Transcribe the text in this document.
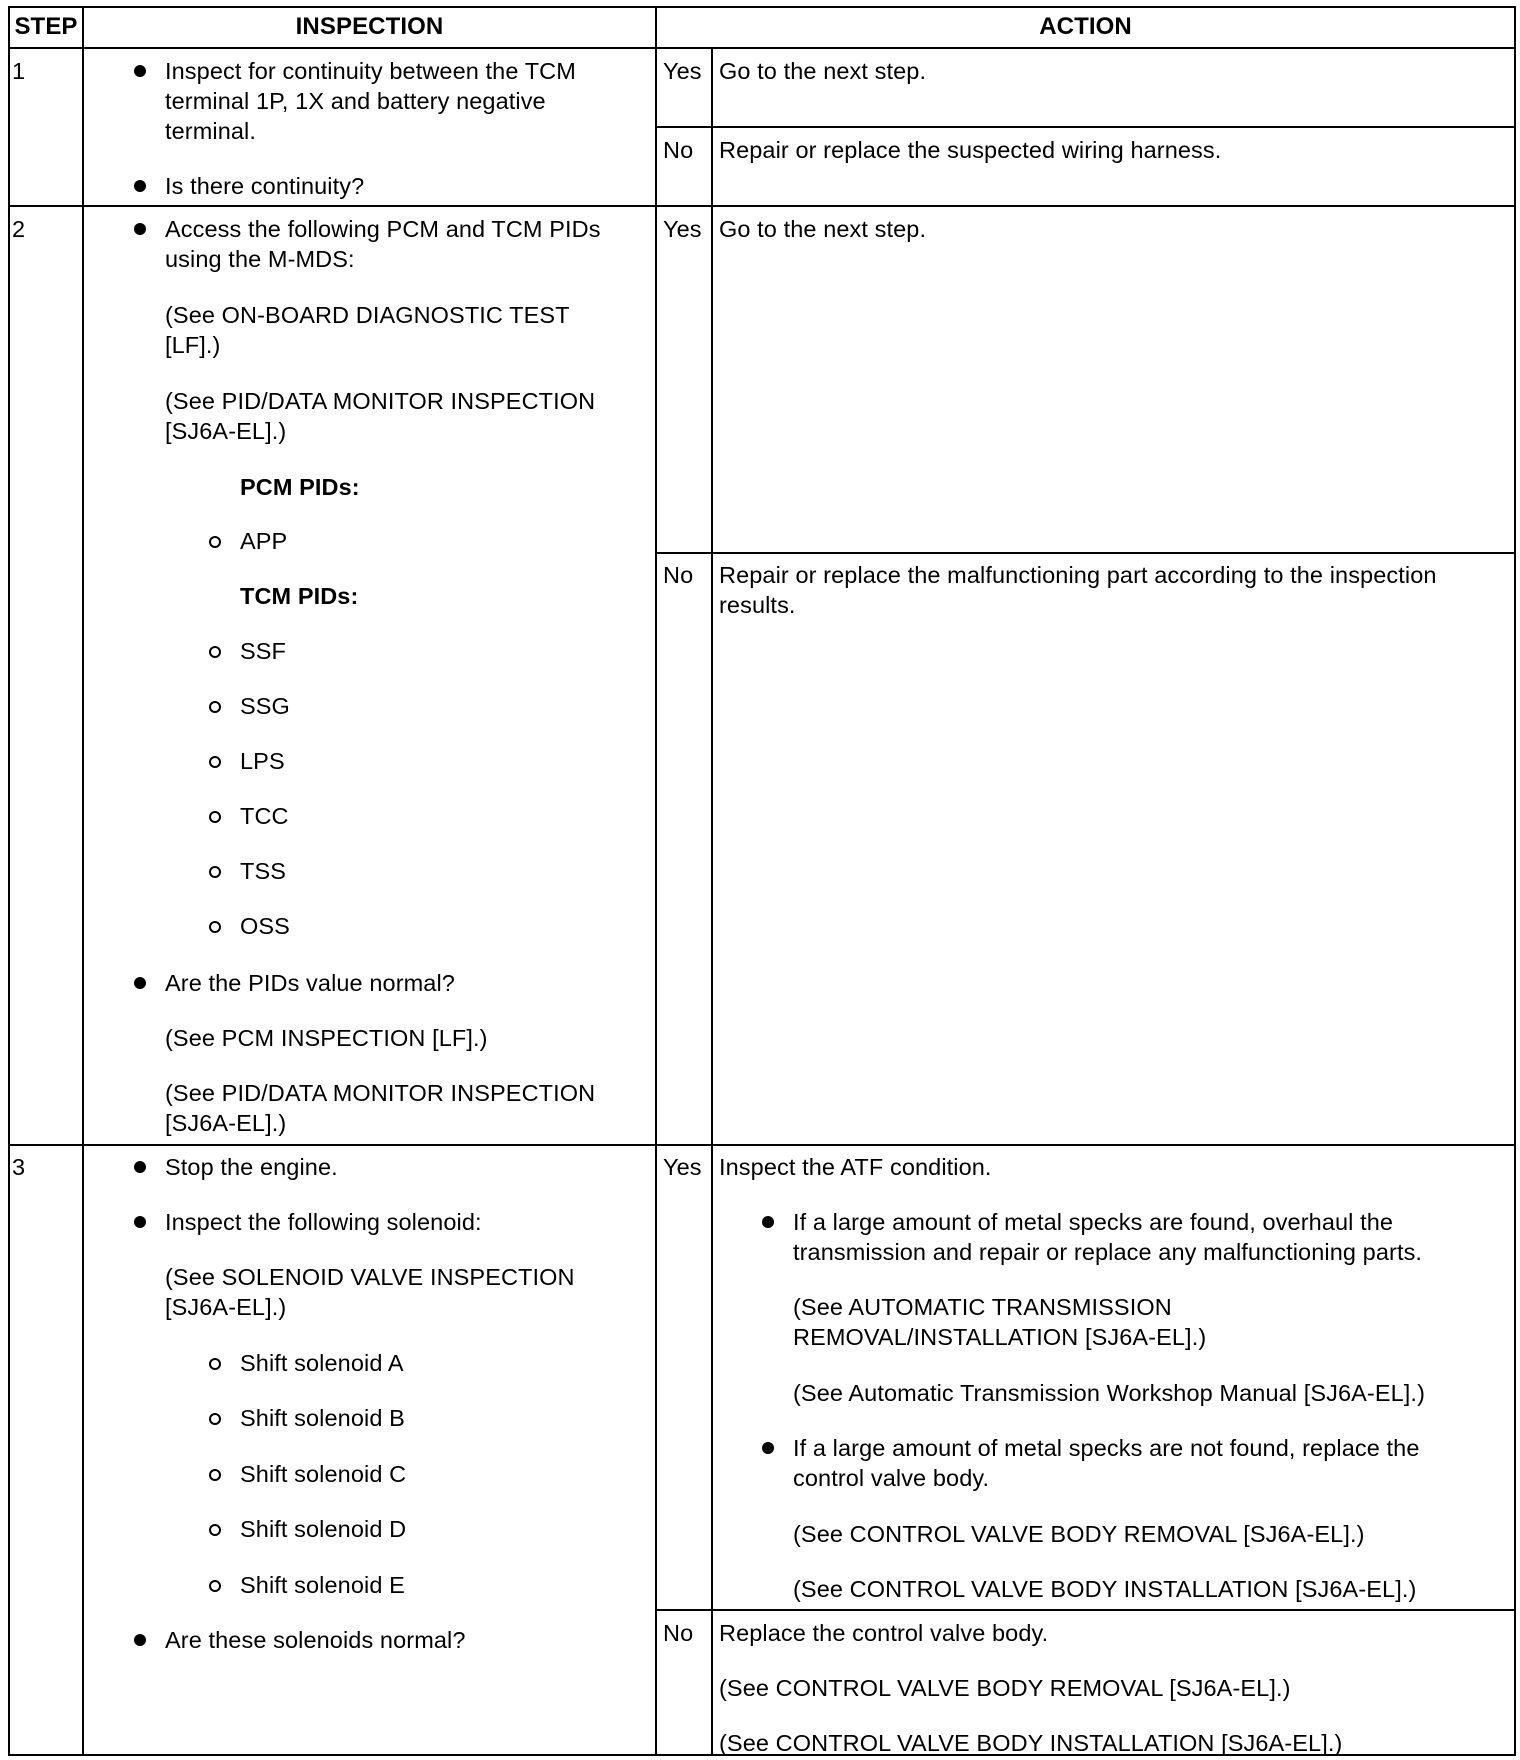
STEP	INSPECTION	ACTION
1	Inspect for continuity between the TCM
terminal 1P, 1X and battery negative
terminal.
Is there continuity?
Yes Go to the next step.
No Repair or replace the suspected wiring harness.
2	Access the following PCM and TCM PIDs
using the M-MDS:
(See ON-BOARD DIAGNOSTIC TEST
[LF].)
(See PID/DATA MONITOR INSPECTION
[SJ6A-EL].)
PCM PIDs:
APP
TCM PIDs:
SSF
SSG
LPS
TCC
TSS
OSS
Are the PIDs value normal?
(See PCM INSPECTION [LF].)
(See PID/DATA MONITOR INSPECTION
[SJ6A-EL].)
Yes Go to the next step.
No Repair or replace the malfunctioning part according to the inspection
results.
3	Stop the engine.
Inspect the following solenoid:
(See SOLENOID VALVE INSPECTION
[SJ6A-EL].)
Shift solenoid A
Shift solenoid B
Shift solenoid C
Shift solenoid D
Shift solenoid E
Are these solenoids normal?
Yes Inspect the ATF condition.
If a large amount of metal specks are found, overhaul the
transmission and repair or replace any malfunctioning parts.
(See AUTOMATIC TRANSMISSION
REMOVAL/INSTALLATION [SJ6A-EL].)
(See Automatic Transmission Workshop Manual [SJ6A-EL].)
If a large amount of metal specks are not found, replace the
control valve body.
(See CONTROL VALVE BODY REMOVAL [SJ6A-EL].)
(See CONTROL VALVE BODY INSTALLATION [SJ6A-EL].)
No Replace the control valve body.
(See CONTROL VALVE BODY REMOVAL [SJ6A-EL].)
(See CONTROL VALVE BODY INSTALLATION [SJ6A-EL].)
